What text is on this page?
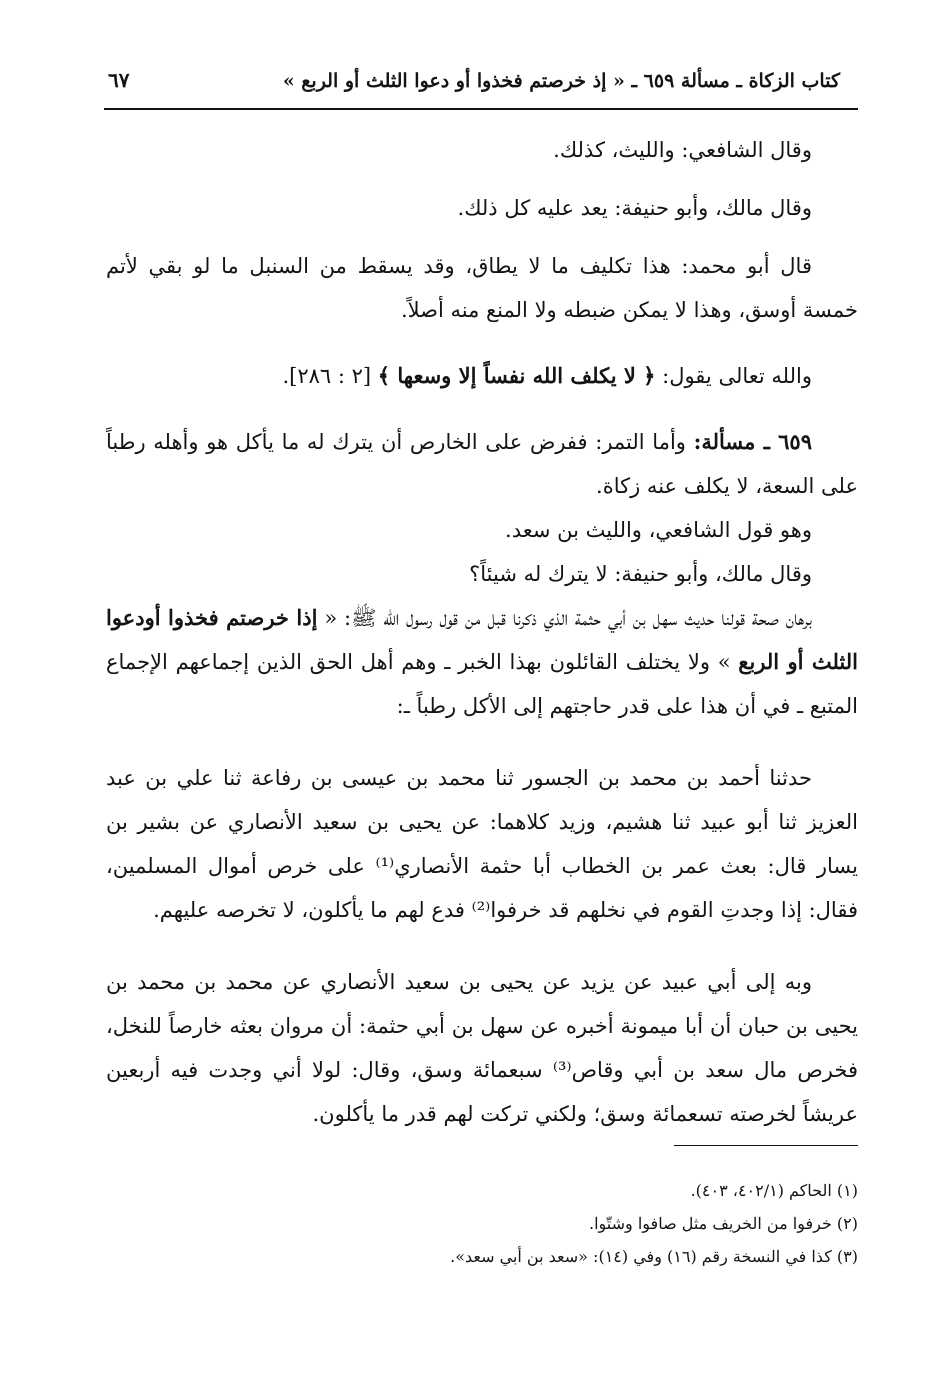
كتاب الزكاة ـ مسألة ٦٥٩ ـ « إذ خرصتم فخذوا أو دعوا الثلث أو الربع »
٦٧

وقال الشافعي: والليث، كذلك.

وقال مالك، وأبو حنيفة: يعد عليه كل ذلك.

قال أبو محمد: هذا تكليف ما لا يطاق، وقد يسقط من السنبل ما لو بقي لأتم خمسة أوسق، وهذا لا يمكن ضبطه ولا المنع منه أصلاً.

والله تعالى يقول: ﴿ لا يكلف الله نفساً إلا وسعها ﴾ [٢ : ٢٨٦].

٦٥٩ ـ مسألة: وأما التمر: ففرض على الخارص أن يترك له ما يأكل هو وأهله رطباً على السعة، لا يكلف عنه زكاة.

وهو قول الشافعي، والليث بن سعد.

وقال مالك، وأبو حنيفة: لا يترك له شيئاً؟

برهان صحة قولنا حديث سهل بن أبي حثمة الذي ذكرنا قبل من قول رسول الله ﷺ: « إذا خرصتم فخذوا أودعوا الثلث أو الربع » ولا يختلف القائلون بهذا الخبر ـ وهم أهل الحق الذين إجماعهم الإجماع المتبع ـ في أن هذا على قدر حاجتهم إلى الأكل رطباً ـ:

حدثنا أحمد بن محمد بن الجسور ثنا محمد بن عيسى بن رفاعة ثنا علي بن عبد العزيز ثنا أبو عبيد ثنا هشيم، وزيد كلاهما: عن يحيى بن سعيد الأنصاري عن بشير بن يسار قال: بعث عمر بن الخطاب أبا حثمة الأنصاري⁽¹⁾ على خرص أموال المسلمين، فقال: إذا وجدتِ القوم في نخلهم قد خرفوا⁽²⁾ فدع لهم ما يأكلون، لا تخرصه عليهم.

وبه إلى أبي عبيد عن يزيد عن يحيى بن سعيد الأنصاري عن محمد بن محمد بن يحيى بن حبان أن أبا ميمونة أخبره عن سهل بن أبي حثمة: أن مروان بعثه خارصاً للنخل، فخرص مال سعد بن أبي وقاص⁽³⁾ سبعمائة وسق، وقال: لولا أني وجدت فيه أربعين عريشاً لخرصته تسعمائة وسق؛ ولكني تركت لهم قدر ما يأكلون.

(١) الحاكم (٤٠٢/١، ٤٠٣).

(٢) خرفوا من الخريف مثل صافوا وشتّوا.

(٣) كذا في النسخة رقم (١٦) وفي (١٤): «سعد بن أبي سعد».
